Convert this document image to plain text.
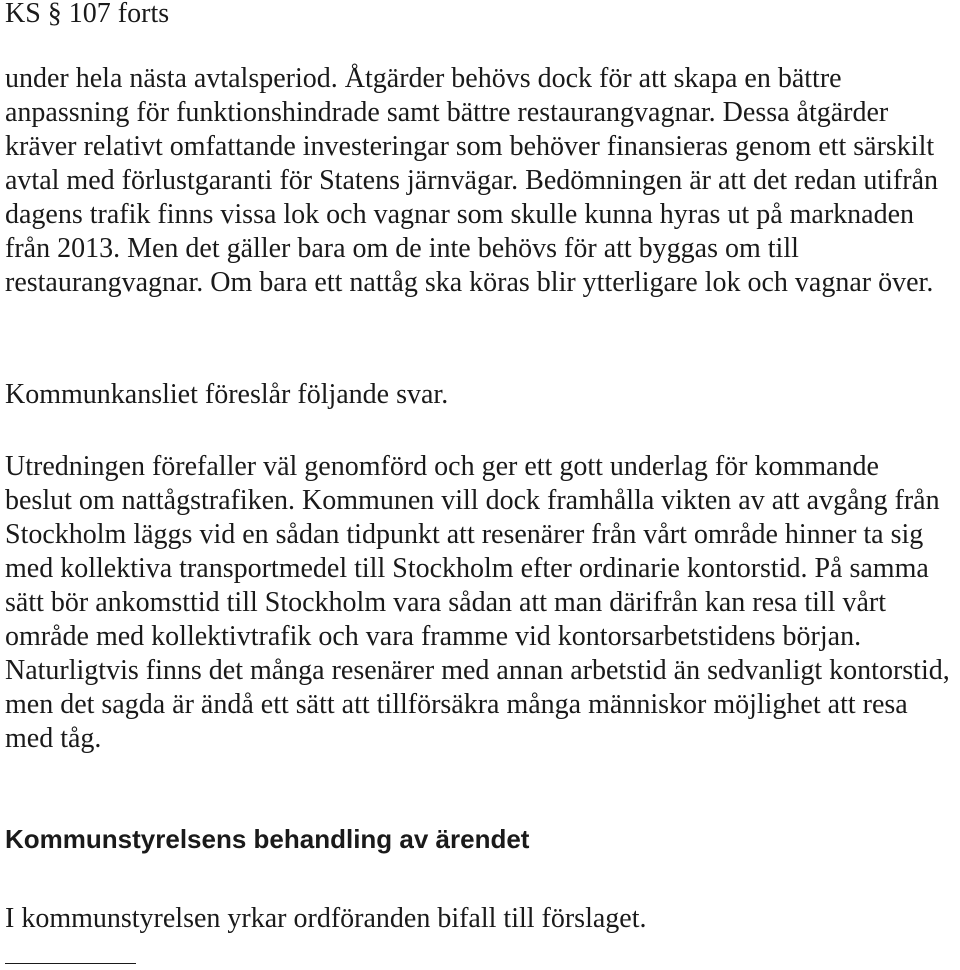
KS § 107 forts

under hela nästa avtalsperiod. Åtgärder behövs dock för att skapa en bättre anpassning för funktionshindrade samt bättre restaurangvagnar. Dessa åtgärder kräver relativt omfattande investeringar som behöver finansieras genom ett särskilt avtal med förlustgaranti för Statens järnvägar. Bedömningen är att det redan utifrån dagens trafik finns vissa lok och vagnar som skulle kunna hyras ut på marknaden från 2013. Men det gäller bara om de inte behövs för att byggas om till restaurangvagnar. Om bara ett nattåg ska köras blir ytterligare lok och vagnar över.

Kommunkansliet föreslår följande svar.

Utredningen förefaller väl genomförd och ger ett gott underlag för kommande beslut om nattågstrafiken. Kommunen vill dock framhålla vikten av att avgång från Stockholm läggs vid en sådan tidpunkt att resenärer från vårt område hinner ta sig med kollektiva transportmedel till Stockholm efter ordinarie kontorstid. På samma sätt bör ankomsttid till Stockholm vara sådan att man därifrån kan resa till vårt område med kollektivtrafik och vara framme vid kontorsarbetstidens början. Naturligtvis finns det många resenärer med annan arbetstid än sedvanligt kontorstid, men det sagda är ändå ett sätt att tillförsäkra många människor möjlighet att resa med tåg.

Kommunstyrelsens behandling av ärendet

I kommunstyrelsen yrkar ordföranden bifall till förslaget.
